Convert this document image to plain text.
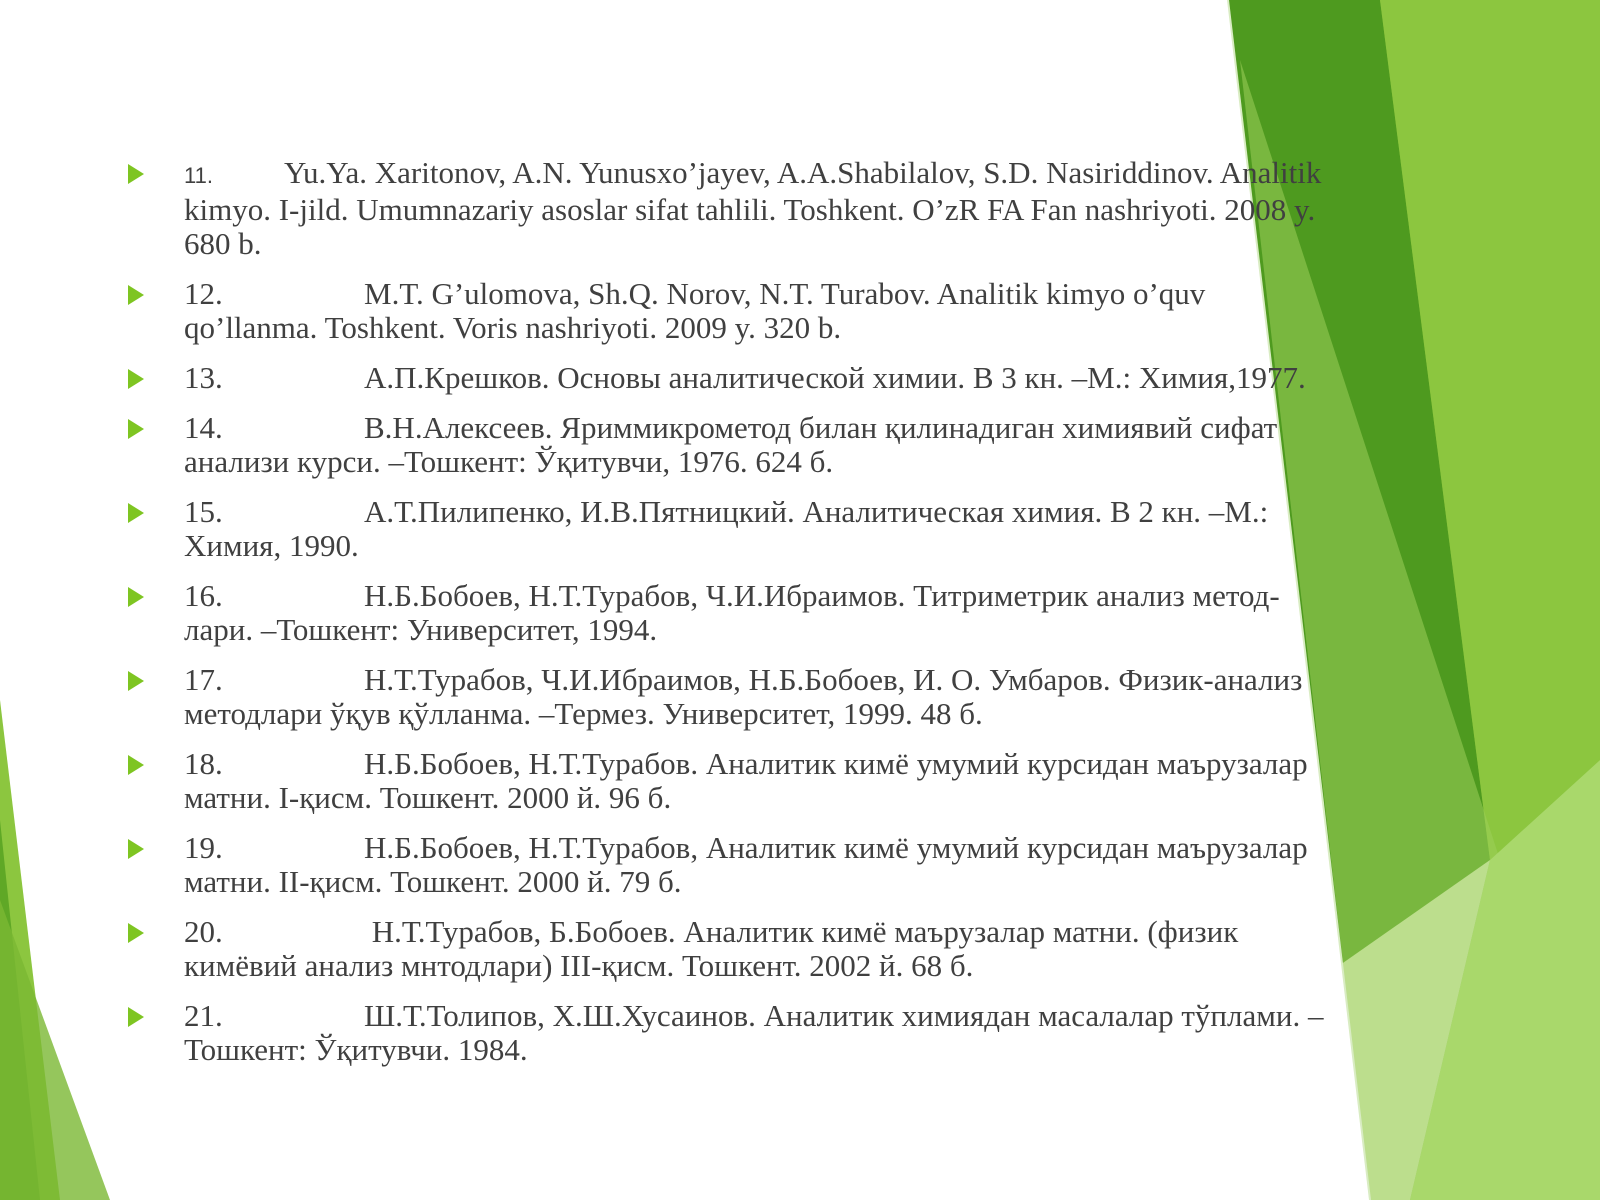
11. Yu.Ya. Xaritonov, A.N. Yunusxo’jayev, A.A.Shabilalov, S.D. Nasiriddinov. Analitik kimyo. I-jild. Umumnazariy asoslar sifat tahlili. Toshkent. O’zR FA Fan nashriyoti. 2008 y. 680 b.
12.	M.T. G’ulomova, Sh.Q. Norov, N.T. Turabov. Analitik kimyo o’quv qo’llanma. Toshkent. Voris nashriyoti. 2009 y. 320 b.
13.	А.П.Крешков. Основы аналитической химии. В 3 кн. –М.: Химия,1977.
14.	В.Н.Алексеев. Яриммикрометод билан қилинадиган химиявий сифат анализи курси. –Тошкент: Ўқитувчи, 1976. 624 б.
15.	А.Т.Пилипенко, И.В.Пятницкий. Аналитическая химия. В 2 кн. –М.: Химия, 1990.
16.	Н.Б.Бобоев, Н.Т.Турабов, Ч.И.Ибраимов. Титриметрик анализ метод-лари. –Тошкент: Университет, 1994.
17.	Н.Т.Турабов, Ч.И.Ибраимов, Н.Б.Бобоев, И. О. Умбаров. Физик-анализ методлари ўқув қўлланма. –Термез. Университет, 1999. 48 б.
18.	Н.Б.Бобоев, Н.Т.Турабов. Аналитик кимё умумий курсидан маърузалар матни. I-қисм. Тошкент. 2000 й. 96 б.
19.	Н.Б.Бобоев, Н.Т.Турабов, Аналитик кимё умумий курсидан маърузалар матни. II-қисм. Тошкент. 2000 й. 79 б.
20.	Н.Т.Турабов, Б.Бобоев. Аналитик кимё маърузалар матни. (физик кимёвий анализ мнтодлари) III-қисм. Тошкент. 2002 й. 68 б.
21.	Ш.Т.Толипов, Х.Ш.Хусаинов. Аналитик химиядан масалалар тўплами. –Тошкент: Ўқитувчи. 1984.
